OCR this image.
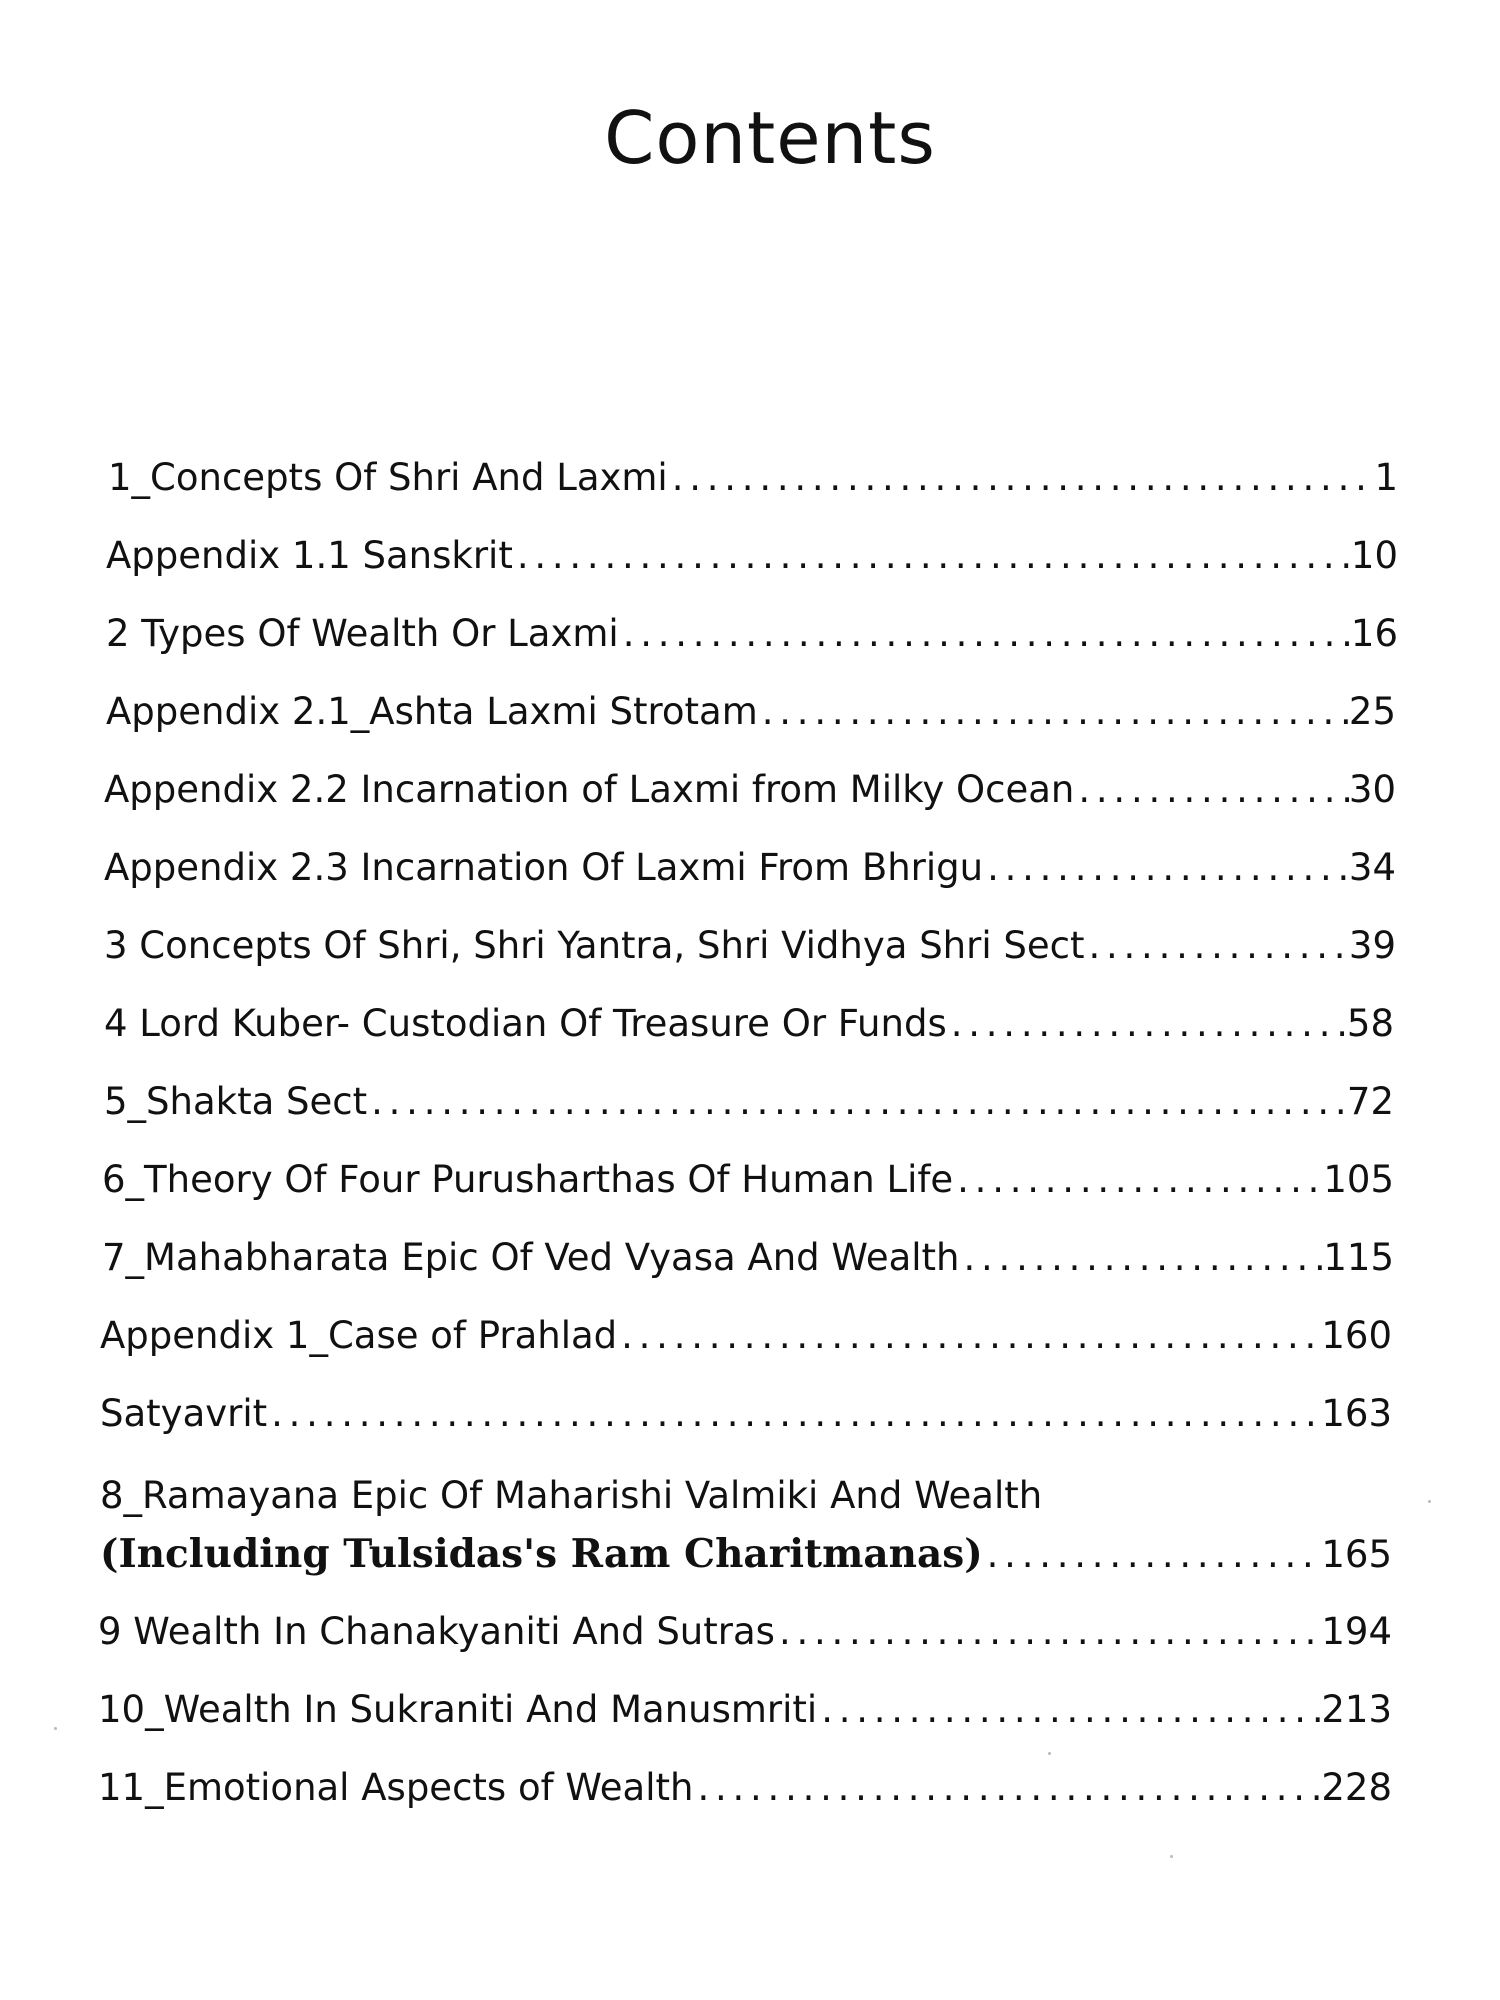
Contents
1_Concepts Of Shri And Laxmi . . .	1
Appendix 1.1 Sanskrit . . .	10
2 Types Of Wealth Or Laxmi . . .	16
Appendix 2.1_Ashta Laxmi Strotam . . .	25
Appendix 2.2 Incarnation of Laxmi from Milky Ocean . . .	30
Appendix 2.3 Incarnation Of Laxmi From Bhrigu . . .	34
3 Concepts Of Shri, Shri Yantra, Shri Vidhya Shri Sect . . .	39
4 Lord Kuber- Custodian Of Treasure Or Funds . . .	58
5_Shakta Sect . . .	72
6_Theory Of Four Purusharthas Of Human Life . . .	105
7_Mahabharata Epic Of Ved Vyasa And Wealth . . .	115
Appendix 1_Case of Prahlad . . .	160
Satyavrit . . .	163
8_Ramayana Epic Of Maharishi Valmiki And Wealth
(Including Tulsidas's Ram Charitmanas) . . .	165
9 Wealth In Chanakyaniti And Sutras . . .	194
10_Wealth In Sukraniti And Manusmriti . . .	213
11_Emotional Aspects of Wealth . . .	228
